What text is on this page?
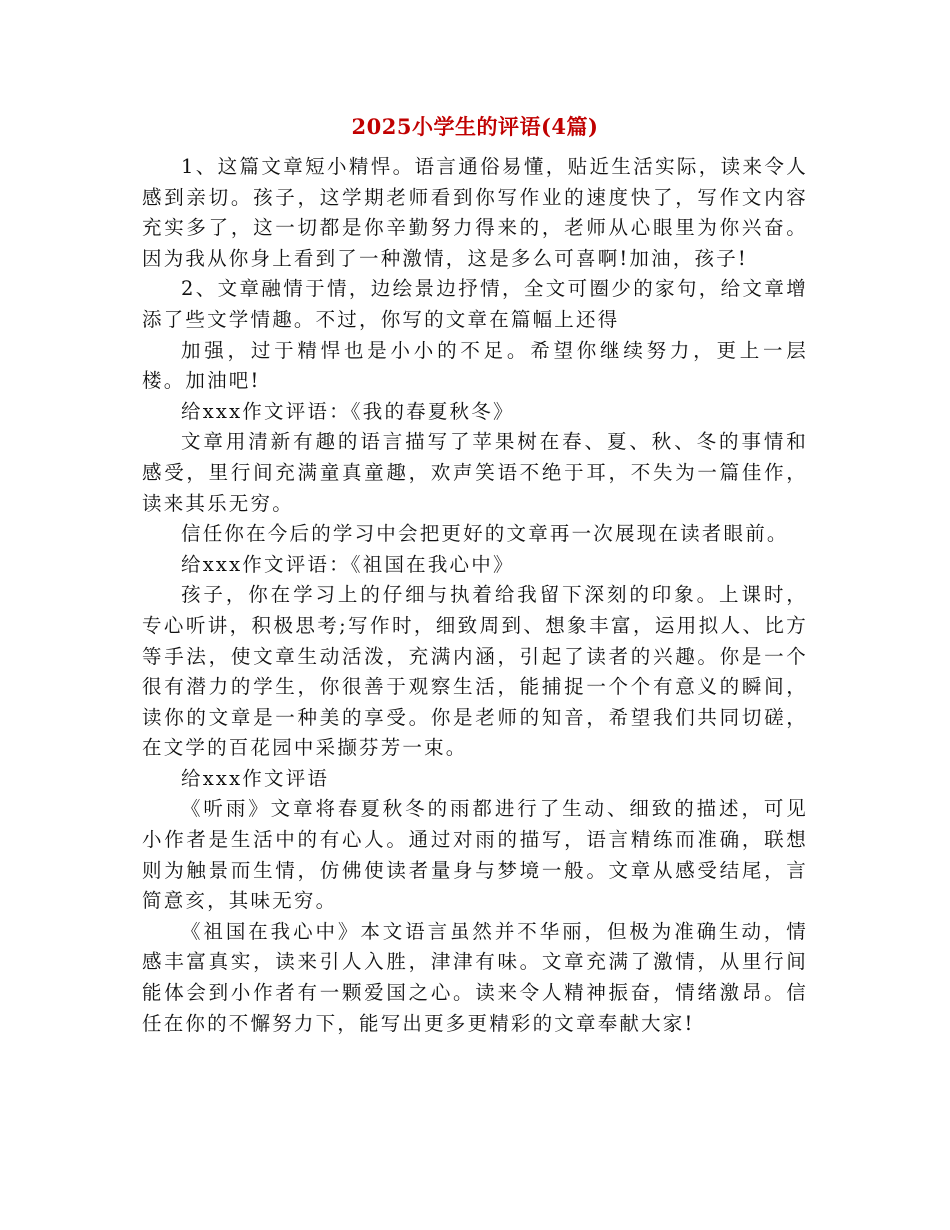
2025小学生的评语(4篇)

1、这篇文章短小精悍。语言通俗易懂，贴近生活实际，读来令人感到亲切。孩子，这学期老师看到你写作业的速度快了，写作文内容充实多了，这一切都是你辛勤努力得来的，老师从心眼里为你兴奋。因为我从你身上看到了一种激情，这是多么可喜啊!加油，孩子!

2、文章融情于情，边绘景边抒情，全文可圈少的家句，给文章增添了些文学情趣。不过，你写的文章在篇幅上还得

加强，过于精悍也是小小的不足。希望你继续努力，更上一层楼。加油吧!

给xxx作文评语：《我的春夏秋冬》

文章用清新有趣的语言描写了苹果树在春、夏、秋、冬的事情和感受，里行间充满童真童趣，欢声笑语不绝于耳，不失为一篇佳作，读来其乐无穷。

信任你在今后的学习中会把更好的文章再一次展现在读者眼前。

给xxx作文评语：《祖国在我心中》

孩子，你在学习上的仔细与执着给我留下深刻的印象。上课时，专心听讲，积极思考;写作时，细致周到、想象丰富，运用拟人、比方等手法，使文章生动活泼，充满内涵，引起了读者的兴趣。你是一个很有潜力的学生，你很善于观察生活，能捕捉一个个有意义的瞬间，读你的文章是一种美的享受。你是老师的知音，希望我们共同切磋，在文学的百花园中采撷芬芳一束。

给xxx作文评语

《听雨》文章将春夏秋冬的雨都进行了生动、细致的描述，可见小作者是生活中的有心人。通过对雨的描写，语言精练而准确，联想则为触景而生情，仿佛使读者量身与梦境一般。文章从感受结尾，言简意亥，其味无穷。

《祖国在我心中》本文语言虽然并不华丽，但极为准确生动，情感丰富真实，读来引人入胜，津津有味。文章充满了激情，从里行间能体会到小作者有一颗爱国之心。读来令人精神振奋，情绪激昂。信任在你的不懈努力下，能写出更多更精彩的文章奉献大家!
